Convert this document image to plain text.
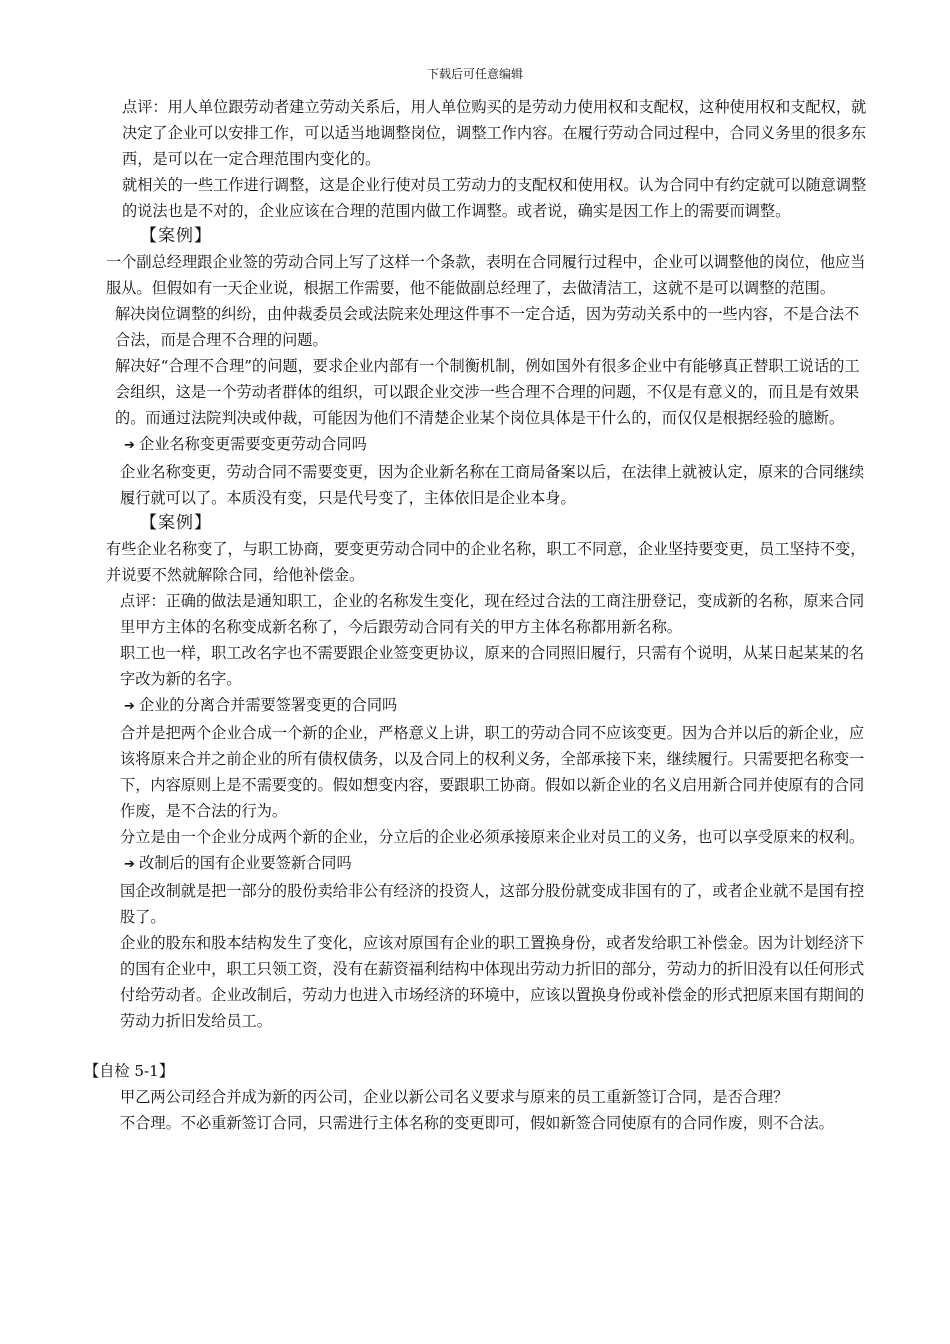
下载后可任意编辑

点评：用人单位跟劳动者建立劳动关系后，用人单位购买的是劳动力使用权和支配权，这种使用权和支配权，就决定了企业可以安排工作，可以适当地调整岗位，调整工作内容。在履行劳动合同过程中，合同义务里的很多东西，是可以在一定合理范围内变化的。

就相关的一些工作进行调整，这是企业行使对员工劳动力的支配权和使用权。认为合同中有约定就可以随意调整的说法也是不对的，企业应该在合理的范围内做工作调整。或者说，确实是因工作上的需要而调整。

【案例】

一个副总经理跟企业签的劳动合同上写了这样一个条款，表明在合同履行过程中，企业可以调整他的岗位，他应当服从。但假如有一天企业说，根据工作需要，他不能做副总经理了，去做清洁工，这就不是可以调整的范围。

解决岗位调整的纠纷，由仲裁委员会或法院来处理这件事不一定合适，因为劳动关系中的一些内容，不是合法不合法，而是合理不合理的问题。

解决好“合理不合理”的问题，要求企业内部有一个制衡机制，例如国外有很多企业中有能够真正替职工说话的工会组织，这是一个劳动者群体的组织，可以跟企业交涉一些合理不合理的问题，不仅是有意义的，而且是有效果的。而通过法院判决或仲裁，可能因为他们不清楚企业某个岗位具体是干什么的，而仅仅是根据经验的臆断。

➔ 企业名称变更需要变更劳动合同吗

企业名称变更，劳动合同不需要变更，因为企业新名称在工商局备案以后，在法律上就被认定，原来的合同继续履行就可以了。本质没有变，只是代号变了，主体依旧是企业本身。

【案例】

有些企业名称变了，与职工协商，要变更劳动合同中的企业名称，职工不同意，企业坚持要变更，员工坚持不变，并说要不然就解除合同，给他补偿金。

点评：正确的做法是通知职工，企业的名称发生变化，现在经过合法的工商注册登记，变成新的名称，原来合同里甲方主体的名称变成新名称了，今后跟劳动合同有关的甲方主体名称都用新名称。

职工也一样，职工改名字也不需要跟企业签变更协议，原来的合同照旧履行，只需有个说明，从某日起某某的名字改为新的名字。

➔ 企业的分离合并需要签署变更的合同吗

合并是把两个企业合成一个新的企业，严格意义上讲，职工的劳动合同不应该变更。因为合并以后的新企业，应该将原来合并之前企业的所有债权债务，以及合同上的权利义务，全部承接下来，继续履行。只需要把名称变一下，内容原则上是不需要变的。假如想变内容，要跟职工协商。假如以新企业的名义启用新合同并使原有的合同作废，是不合法的行为。

分立是由一个企业分成两个新的企业，分立后的企业必须承接原来企业对员工的义务，也可以享受原来的权利。

➔ 改制后的国有企业要签新合同吗

国企改制就是把一部分的股份卖给非公有经济的投资人，这部分股份就变成非国有的了，或者企业就不是国有控股了。

企业的股东和股本结构发生了变化，应该对原国有企业的职工置换身份，或者发给职工补偿金。因为计划经济下的国有企业中，职工只领工资，没有在薪资福利结构中体现出劳动力折旧的部分，劳动力的折旧没有以任何形式付给劳动者。企业改制后，劳动力也进入市场经济的环境中，应该以置换身份或补偿金的形式把原来国有期间的劳动力折旧发给员工。

【自检 5-1】

甲乙两公司经合并成为新的丙公司，企业以新公司名义要求与原来的员工重新签订合同，是否合理？

不合理。不必重新签订合同，只需进行主体名称的变更即可，假如新签合同使原有的合同作废，则不合法。
